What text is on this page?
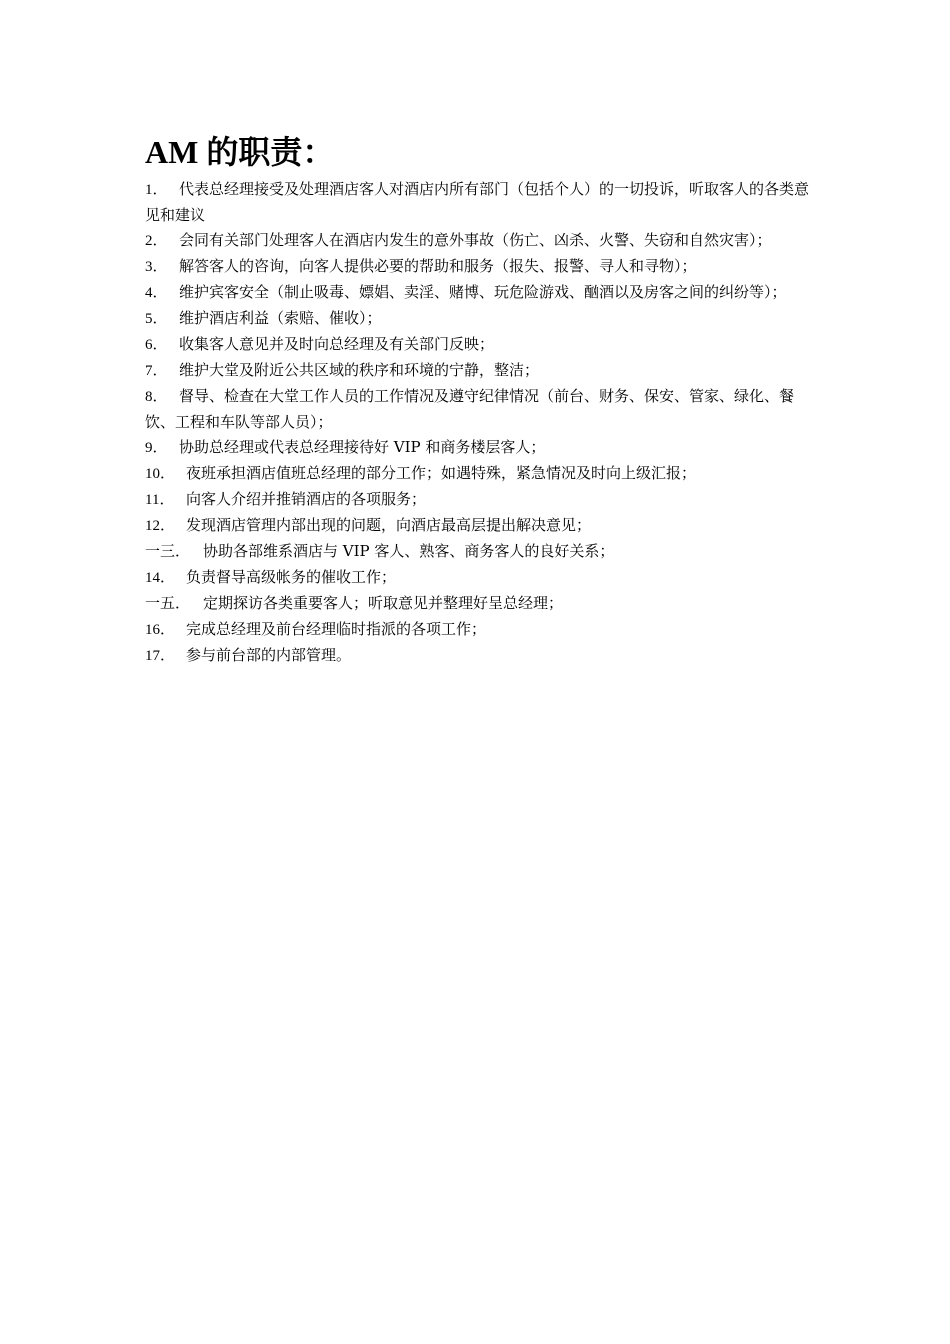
AM 的职责：
1． 代表总经理接受及处理酒店客人对酒店内所有部门（包括个人）的一切投诉，听取客人的各类意见和建议
2． 会同有关部门处理客人在酒店内发生的意外事故（伤亡、凶杀、火警、失窃和自然灾害）；
3． 解答客人的咨询，向客人提供必要的帮助和服务（报失、报警、寻人和寻物）；
4． 维护宾客安全（制止吸毒、嫖娼、卖淫、赌博、玩危险游戏、酗酒以及房客之间的纠纷等）；
5． 维护酒店利益（索赔、催收）；
6． 收集客人意见并及时向总经理及有关部门反映；
7． 维护大堂及附近公共区域的秩序和环境的宁静，整洁；
8． 督导、检查在大堂工作人员的工作情况及遵守纪律情况（前台、财务、保安、管家、绿化、餐饮、工程和车队等部人员）；
9． 协助总经理或代表总经理接待好 VIP 和商务楼层客人；
10． 夜班承担酒店值班总经理的部分工作；如遇特殊，紧急情况及时向上级汇报；
11． 向客人介绍并推销酒店的各项服务；
12． 发现酒店管理内部出现的问题，向酒店最高层提出解决意见；
一三． 协助各部维系酒店与 VIP 客人、熟客、商务客人的良好关系；
14． 负责督导高级帐务的催收工作；
一五． 定期探访各类重要客人；听取意见并整理好呈总经理；
16． 完成总经理及前台经理临时指派的各项工作；
17． 参与前台部的内部管理。
